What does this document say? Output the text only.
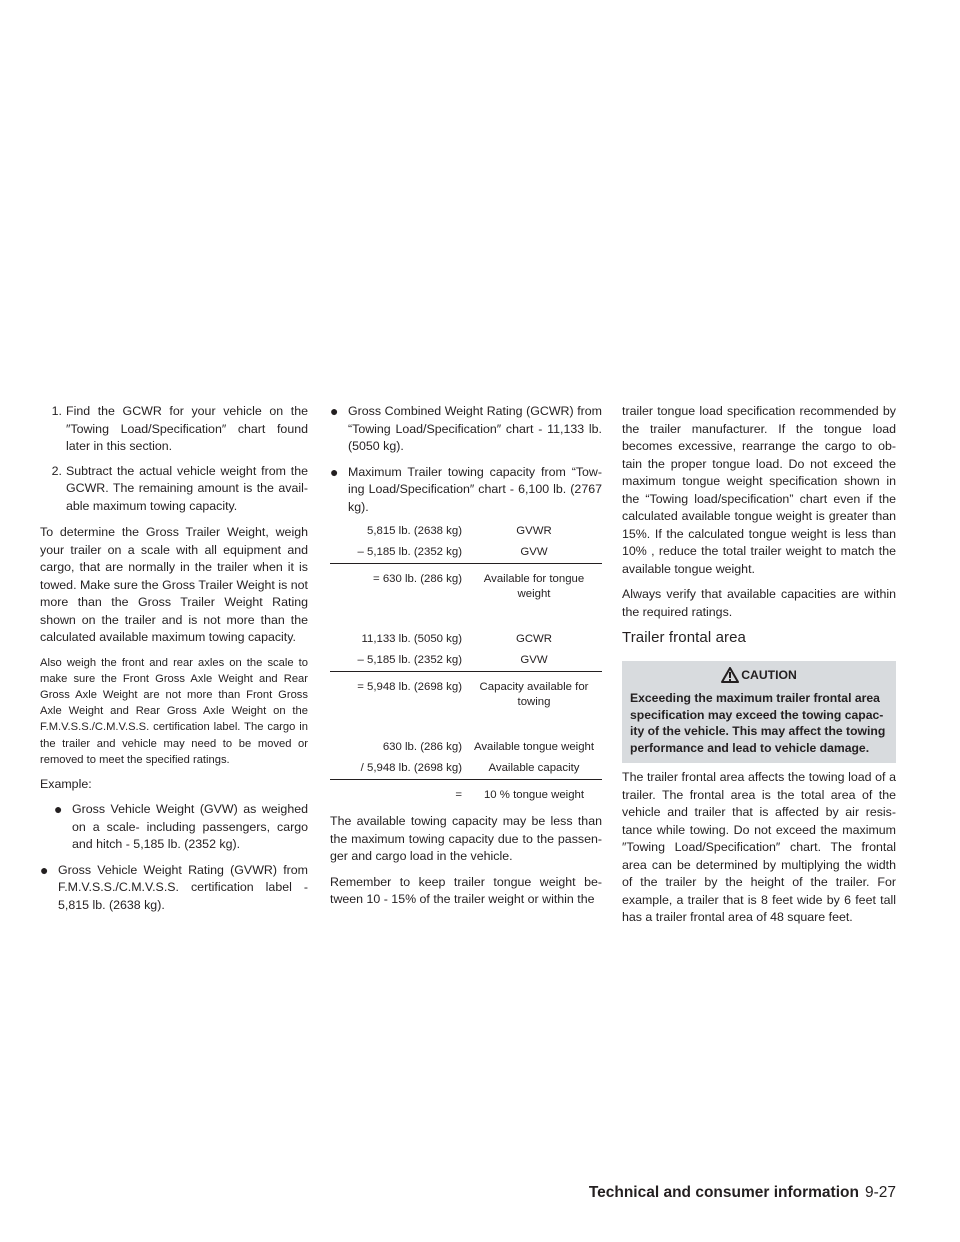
1. Find the GCWR for your vehicle on the ″Towing Load/Specification″ chart found later in this section.
2. Subtract the actual vehicle weight from the GCWR. The remaining amount is the avail- able maximum towing capacity.

To determine the Gross Trailer Weight, weigh your trailer on a scale with all equipment and cargo, that are normally in the trailer when it is towed. Make sure the Gross Trailer Weight is not more than the Gross Trailer Weight Rating shown on the trailer and is not more than the calculated available maximum towing capacity.

Also weigh the front and rear axles on the scale to make sure the Front Gross Axle Weight and Rear Gross Axle Weight are not more than Front Gross Axle Weight and Rear Gross Axle Weight on the F.M.V.S.S./C.M.V.S.S. certification label. The cargo in the trailer and vehicle may need to be moved or removed to meet the specified ratings.

Example:

● Gross Vehicle Weight (GVW) as weighed on a scale- including passengers, cargo and hitch - 5,185 lb. (2352 kg).
● Gross Vehicle Weight Rating (GVWR) from F.M.V.S.S./C.M.V.S.S. certification label - 5,815 lb. (2638 kg).
● Gross Combined Weight Rating (GCWR) from “Towing Load/Specification″ chart - 11,133 lb. (5050 kg).
● Maximum Trailer towing capacity from “Tow- ing Load/Specification″ chart - 6,100 lb. (2767 kg).
5,815 lb. (2638 kg)	GVWR
– 5,185 lb. (2352 kg)	GVW
= 630 lb. (286 kg)	Available for tongue weight
11,133 lb. (5050 kg)	GCWR
– 5,185 lb. (2352 kg)	GVW
= 5,948 lb. (2698 kg)	Capacity available for towing
630 lb. (286 kg)	Available tongue weight
/ 5,948 lb. (2698 kg)	Available capacity
=	10 % tongue weight

The available towing capacity may be less than the maximum towing capacity due to the passen- ger and cargo load in the vehicle.

Remember to keep trailer tongue weight be- tween 10 - 15% of the trailer weight or within the

trailer tongue load specification recommended by the trailer manufacturer. If the tongue load becomes excessive, rearrange the cargo to ob- tain the proper tongue load. Do not exceed the maximum tongue weight specification shown in the “Towing load/specification” chart even if the calculated available tongue weight is greater than 15%. If the calculated tongue weight is less than 10% , reduce the total trailer weight to match the available tongue weight.

Always verify that available capacities are within the required ratings.

Trailer frontal area
CAUTION
Exceeding the maximum trailer frontal area specification may exceed the towing capac- ity of the vehicle. This may affect the towing performance and lead to vehicle damage.

The trailer frontal area affects the towing load of a trailer. The frontal area is the total area of the vehicle and trailer that is affected by air resis- tance while towing. Do not exceed the maximum ″Towing Load/Specification″ chart. The frontal area can be determined by multiplying the width of the trailer by the height of the trailer. For example, a trailer that is 8 feet wide by 6 feet tall has a trailer frontal area of 48 square feet.

Technical and consumer information 9-27
